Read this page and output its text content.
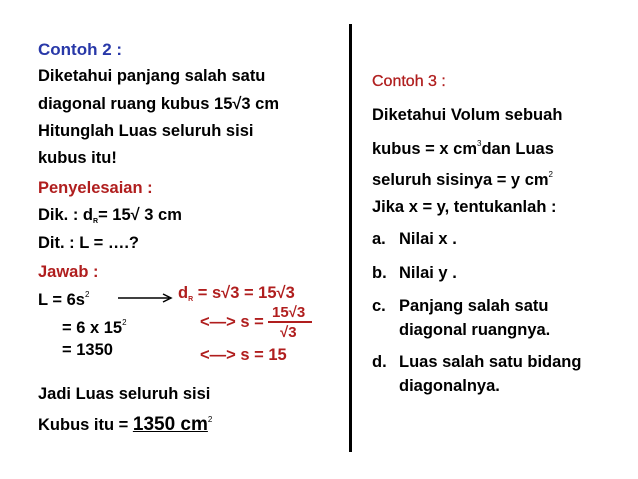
Contoh 2 :
Diketahui panjang salah satu
diagonal ruang kubus 15√3 cm
Hitunglah Luas seluruh sisi
kubus itu!
Penyelesaian :
Dik. : $d_R= 15√$ 3 cm
Dit. : L = ….?
Jawab :
$L = 6s^2$
= 6 x $15^2$
= 1350
$d_R = s√3 = 15√3$
<—> s =
15√3
√3
<—> s = 15
Jadi Luas seluruh sisi
Kubus itu = 1350 $cm^2$
Contoh 3 :
Diketahui Volum sebuah
kubus = x $cm^3dan$ Luas
seluruh sisinya = y $cm^2$
Jika x = y, tentukanlah :
a. Nilai x .
b. Nilai y .
c. Panjang salah satu
diagonal ruangnya.
d. Luas salah satu bidang
diagonalnya.
